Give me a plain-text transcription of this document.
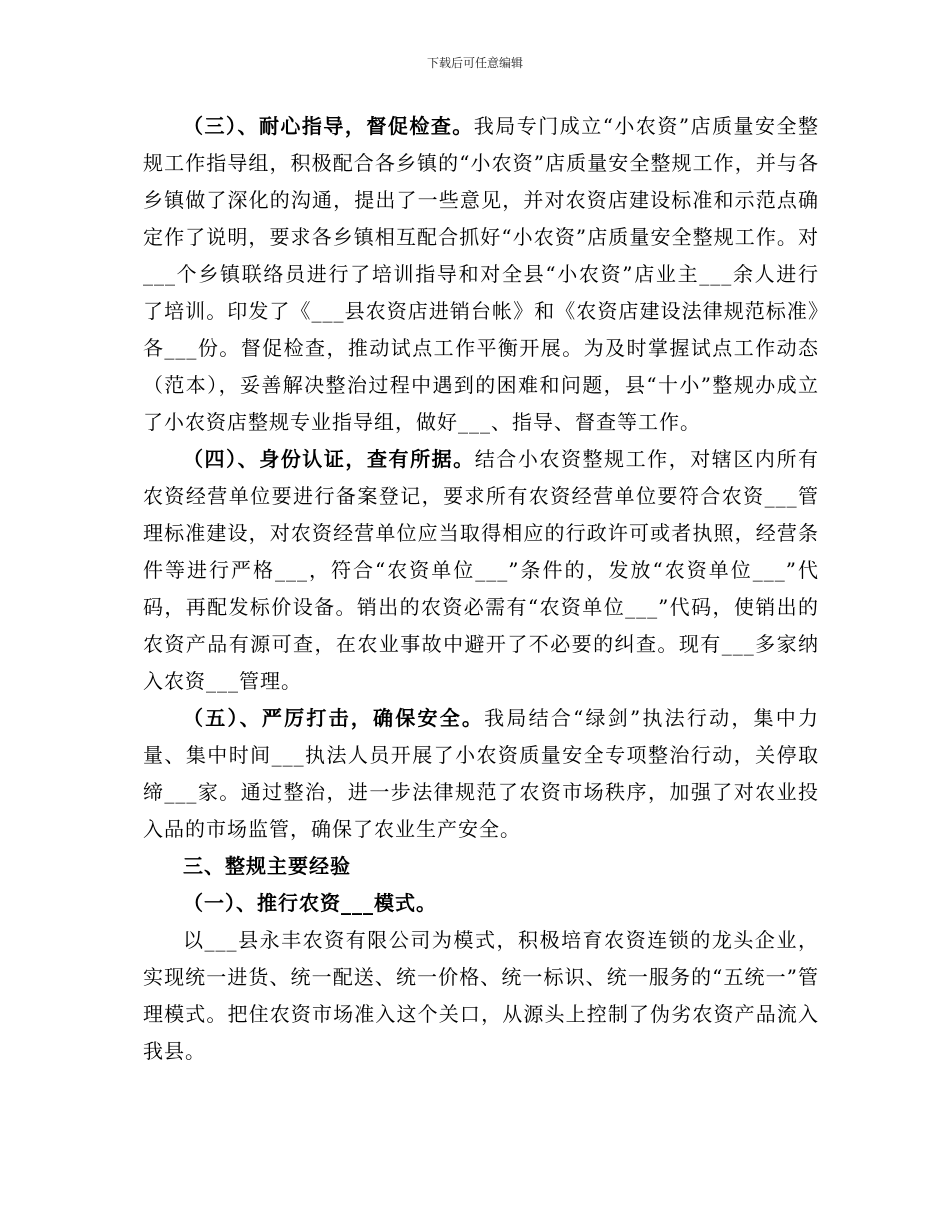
下载后可任意编辑

（三）、耐心指导，督促检查。我局专门成立“小农资”店质量安全整规工作指导组，积极配合各乡镇的“小农资”店质量安全整规工作，并与各乡镇做了深化的沟通，提出了一些意见，并对农资店建设标准和示范点确定作了说明，要求各乡镇相互配合抓好“小农资”店质量安全整规工作。对___个乡镇联络员进行了培训指导和对全县“小农资”店业主___余人进行了培训。印发了《___县农资店进销台帐》和《农资店建设法律规范标准》各___份。督促检查，推动试点工作平衡开展。为及时掌握试点工作动态（范本），妥善解决整治过程中遇到的困难和问题，县“十小”整规办成立了小农资店整规专业指导组，做好___、指导、督查等工作。

（四）、身份认证，查有所据。结合小农资整规工作，对辖区内所有农资经营单位要进行备案登记，要求所有农资经营单位要符合农资___管理标准建设，对农资经营单位应当取得相应的行政许可或者执照，经营条件等进行严格___，符合“农资单位___”条件的，发放“农资单位___”代码，再配发标价设备。销出的农资必需有“农资单位___”代码，使销出的农资产品有源可查，在农业事故中避开了不必要的纠查。现有___多家纳入农资___管理。

（五）、严厉打击，确保安全。我局结合“绿剑”执法行动，集中力量、集中时间___执法人员开展了小农资质量安全专项整治行动，关停取缔___家。通过整治，进一步法律规范了农资市场秩序，加强了对农业投入品的市场监管，确保了农业生产安全。

三、整规主要经验

（一）、推行农资___模式。

以___县永丰农资有限公司为模式，积极培育农资连锁的龙头企业，实现统一进货、统一配送、统一价格、统一标识、统一服务的“五统一”管理模式。把住农资市场准入这个关口，从源头上控制了伪劣农资产品流入我县。
